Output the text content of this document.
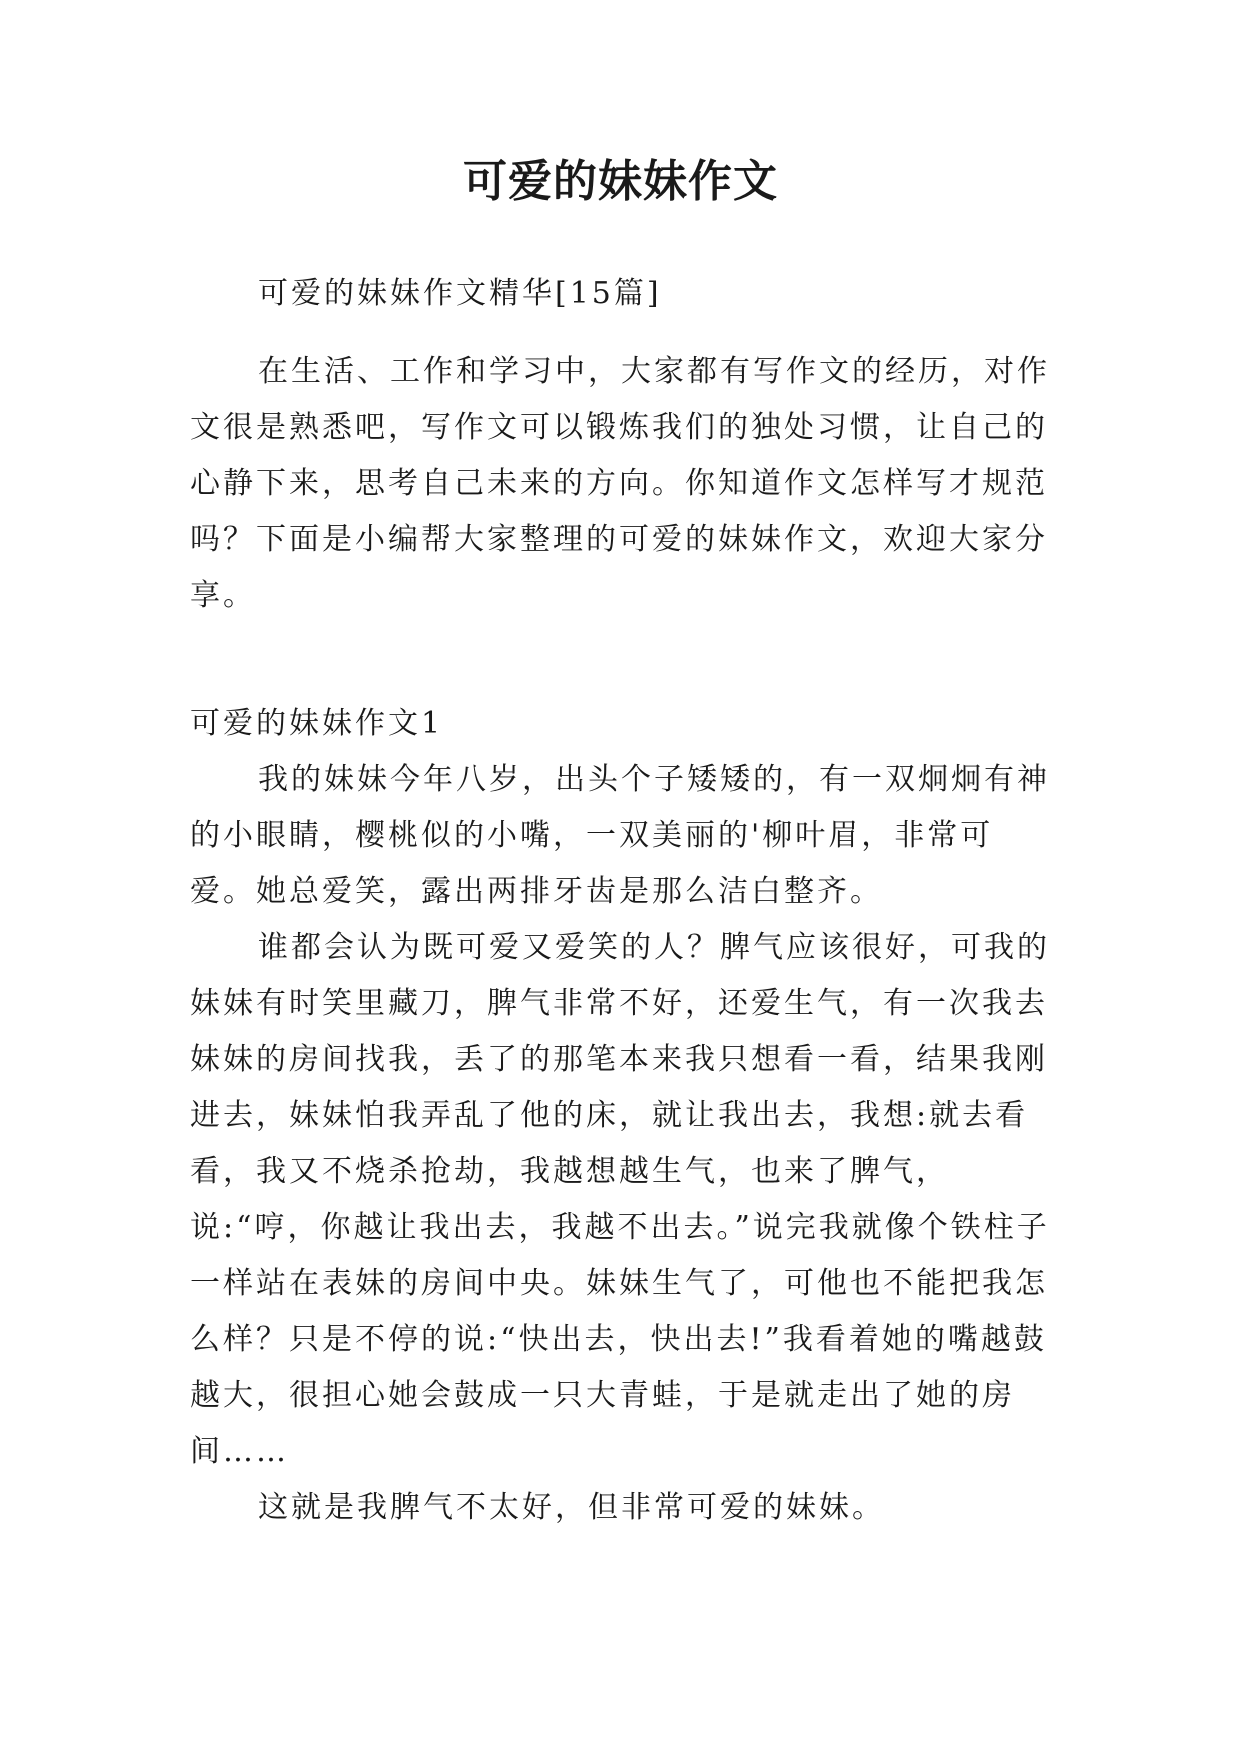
可爱的妹妹作文

可爱的妹妹作文精华[15篇]

在生活、工作和学习中，大家都有写作文的经历，对作文很是熟悉吧，写作文可以锻炼我们的独处习惯，让自己的心静下来，思考自己未来的方向。你知道作文怎样写才规范吗？下面是小编帮大家整理的可爱的妹妹作文，欢迎大家分享。

可爱的妹妹作文1

我的妹妹今年八岁，出头个子矮矮的，有一双炯炯有神的小眼睛，樱桃似的小嘴，一双美丽的'柳叶眉，非常可爱。她总爱笑，露出两排牙齿是那么洁白整齐。

谁都会认为既可爱又爱笑的人？脾气应该很好，可我的妹妹有时笑里藏刀，脾气非常不好，还爱生气，有一次我去妹妹的房间找我，丢了的那笔本来我只想看一看，结果我刚进去，妹妹怕我弄乱了他的床，就让我出去，我想:就去看看，我又不烧杀抢劫，我越想越生气，也来了脾气，说:“哼，你越让我出去，我越不出去。”说完我就像个铁柱子一样站在表妹的房间中央。妹妹生气了，可他也不能把我怎么样？只是不停的说:“快出去，快出去!”我看着她的嘴越鼓越大，很担心她会鼓成一只大青蛙，于是就走出了她的房间……

这就是我脾气不太好，但非常可爱的妹妹。
